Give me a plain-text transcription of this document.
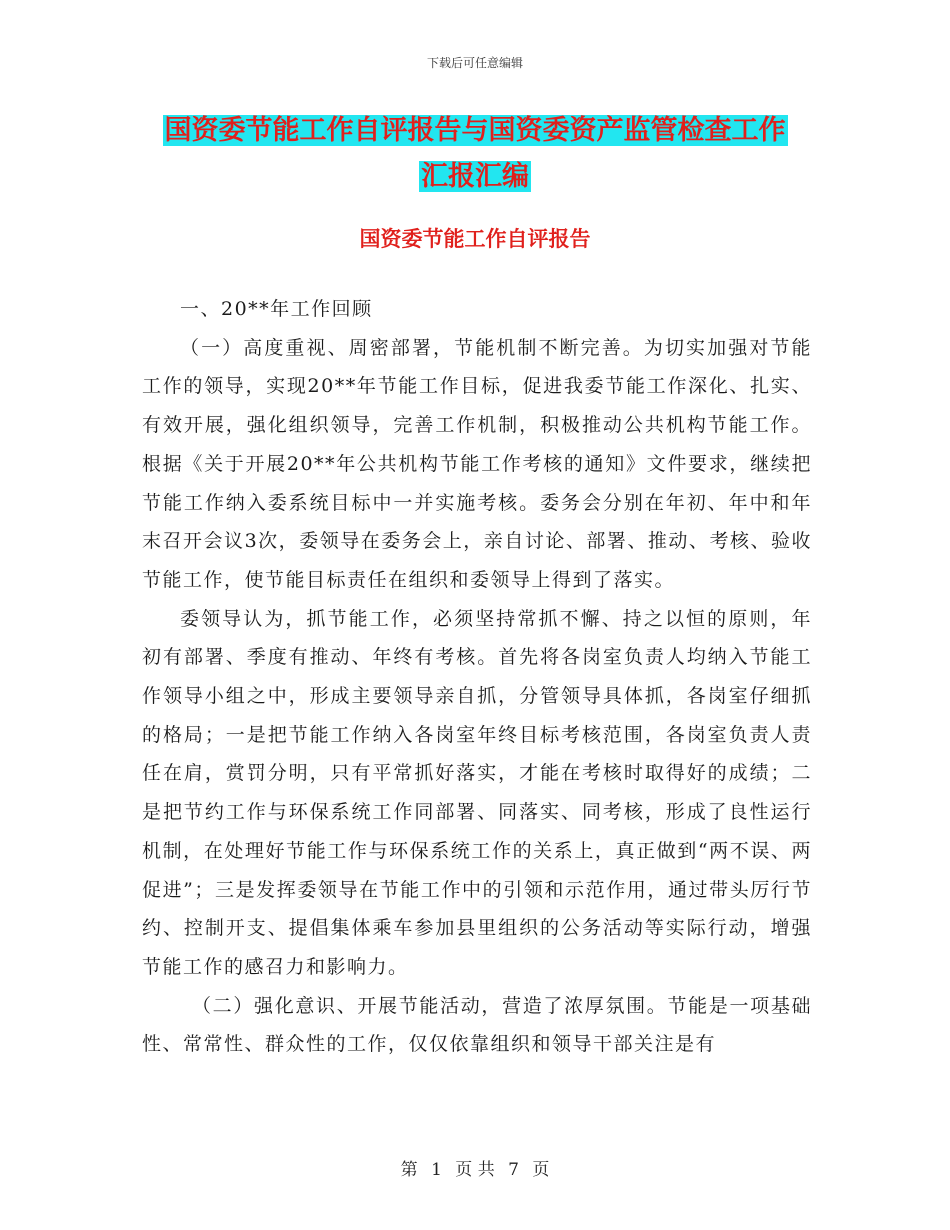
下载后可任意编辑
国资委节能工作自评报告与国资委资产监管检查工作
汇报汇编
国资委节能工作自评报告

一、20**年工作回顾

（一）高度重视、周密部署，节能机制不断完善。为切实加强对节能工作的领导，实现20**年节能工作目标，促进我委节能工作深化、扎实、有效开展，强化组织领导，完善工作机制，积极推动公共机构节能工作。根据《关于开展20**年公共机构节能工作考核的通知》文件要求，继续把节能工作纳入委系统目标中一并实施考核。委务会分别在年初、年中和年末召开会议3次，委领导在委务会上，亲自讨论、部署、推动、考核、验收节能工作，使节能目标责任在组织和委领导上得到了落实。

委领导认为，抓节能工作，必须坚持常抓不懈、持之以恒的原则，年初有部署、季度有推动、年终有考核。首先将各岗室负责人均纳入节能工作领导小组之中，形成主要领导亲自抓，分管领导具体抓，各岗室仔细抓的格局；一是把节能工作纳入各岗室年终目标考核范围，各岗室负责人责任在肩，赏罚分明，只有平常抓好落实，才能在考核时取得好的成绩；二是把节约工作与环保系统工作同部署、同落实、同考核，形成了良性运行机制，在处理好节能工作与环保系统工作的关系上，真正做到“两不误、两促进”；三是发挥委领导在节能工作中的引领和示范作用，通过带头厉行节约、控制开支、提倡集体乘车参加县里组织的公务活动等实际行动，增强节能工作的感召力和影响力。

（二）强化意识、开展节能活动，营造了浓厚氛围。节能是一项基础性、常常性、群众性的工作，仅仅依靠组织和领导干部关注是有

第 1 页 共 7 页
